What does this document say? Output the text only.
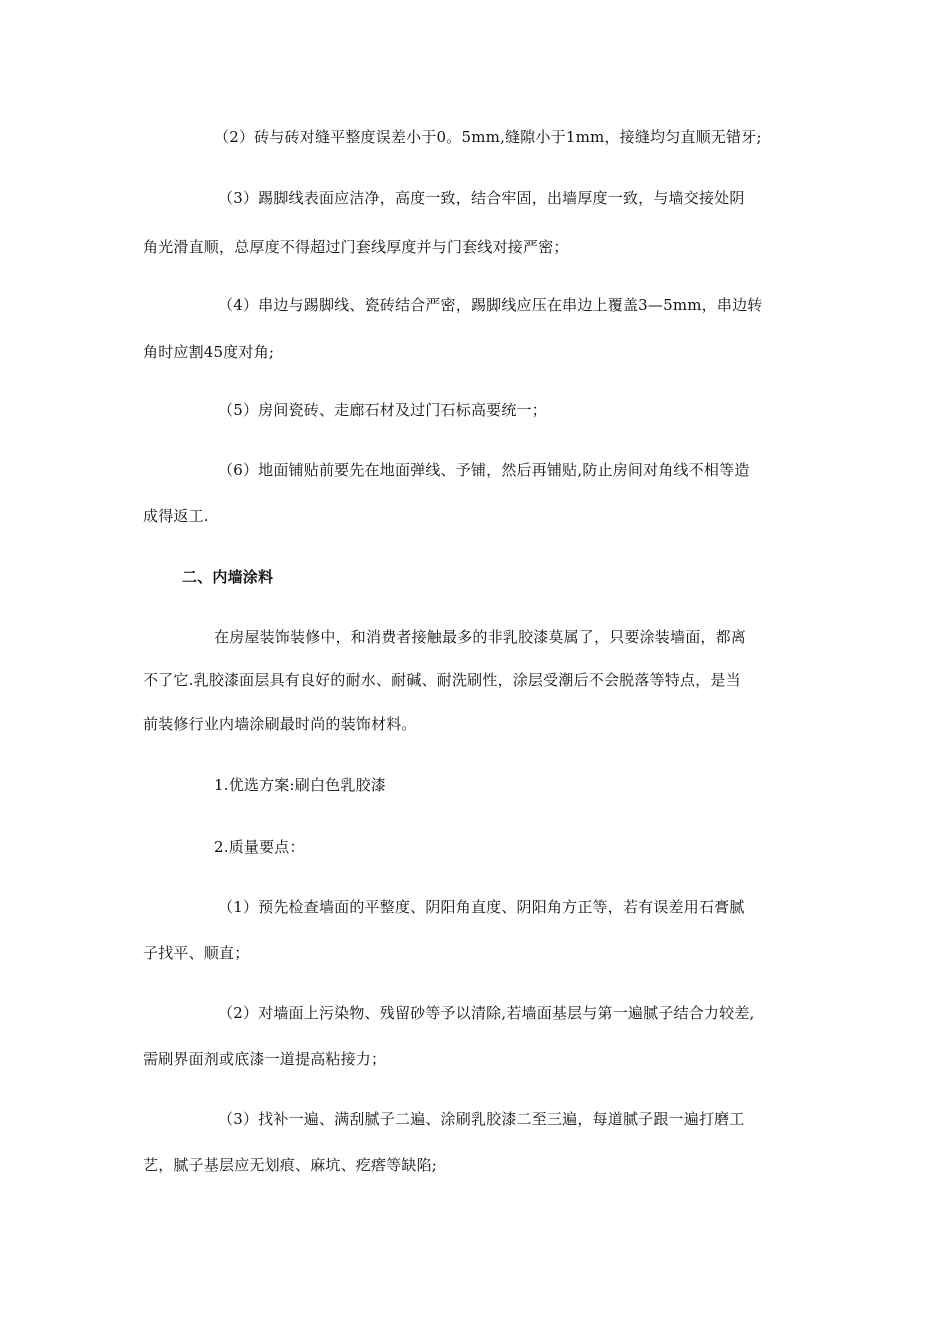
（2）砖与砖对缝平整度误差小于0。5mm,缝隙小于1mm，接缝均匀直顺无错牙;
（3）踢脚线表面应洁净，高度一致，结合牢固，出墙厚度一致，与墙交接处阴
角光滑直顺，总厚度不得超过门套线厚度并与门套线对接严密；
（4）串边与踢脚线、瓷砖结合严密，踢脚线应压在串边上覆盖3—5mm，串边转
角时应割45度对角;
（5）房间瓷砖、走廊石材及过门石标高要统一；
（6）地面铺贴前要先在地面弹线、予铺，然后再铺贴,防止房间对角线不相等造
成得返工.
二、内墙涂料
在房屋装饰装修中，和消费者接触最多的非乳胶漆莫属了，只要涂装墙面，都离
不了它.乳胶漆面层具有良好的耐水、耐碱、耐洗刷性，涂层受潮后不会脱落等特点，是当
前装修行业内墙涂刷最时尚的装饰材料。
1.优选方案:刷白色乳胶漆
2.质量要点：
（1）预先检查墙面的平整度、阴阳角直度、阴阳角方正等，若有误差用石膏腻
子找平、顺直；
（2）对墙面上污染物、残留砂等予以清除,若墙面基层与第一遍腻子结合力较差,
需刷界面剂或底漆一道提高粘接力；
（3）找补一遍、满刮腻子二遍、涂刷乳胶漆二至三遍，每道腻子跟一遍打磨工
艺，腻子基层应无划痕、麻坑、疙瘩等缺陷;
